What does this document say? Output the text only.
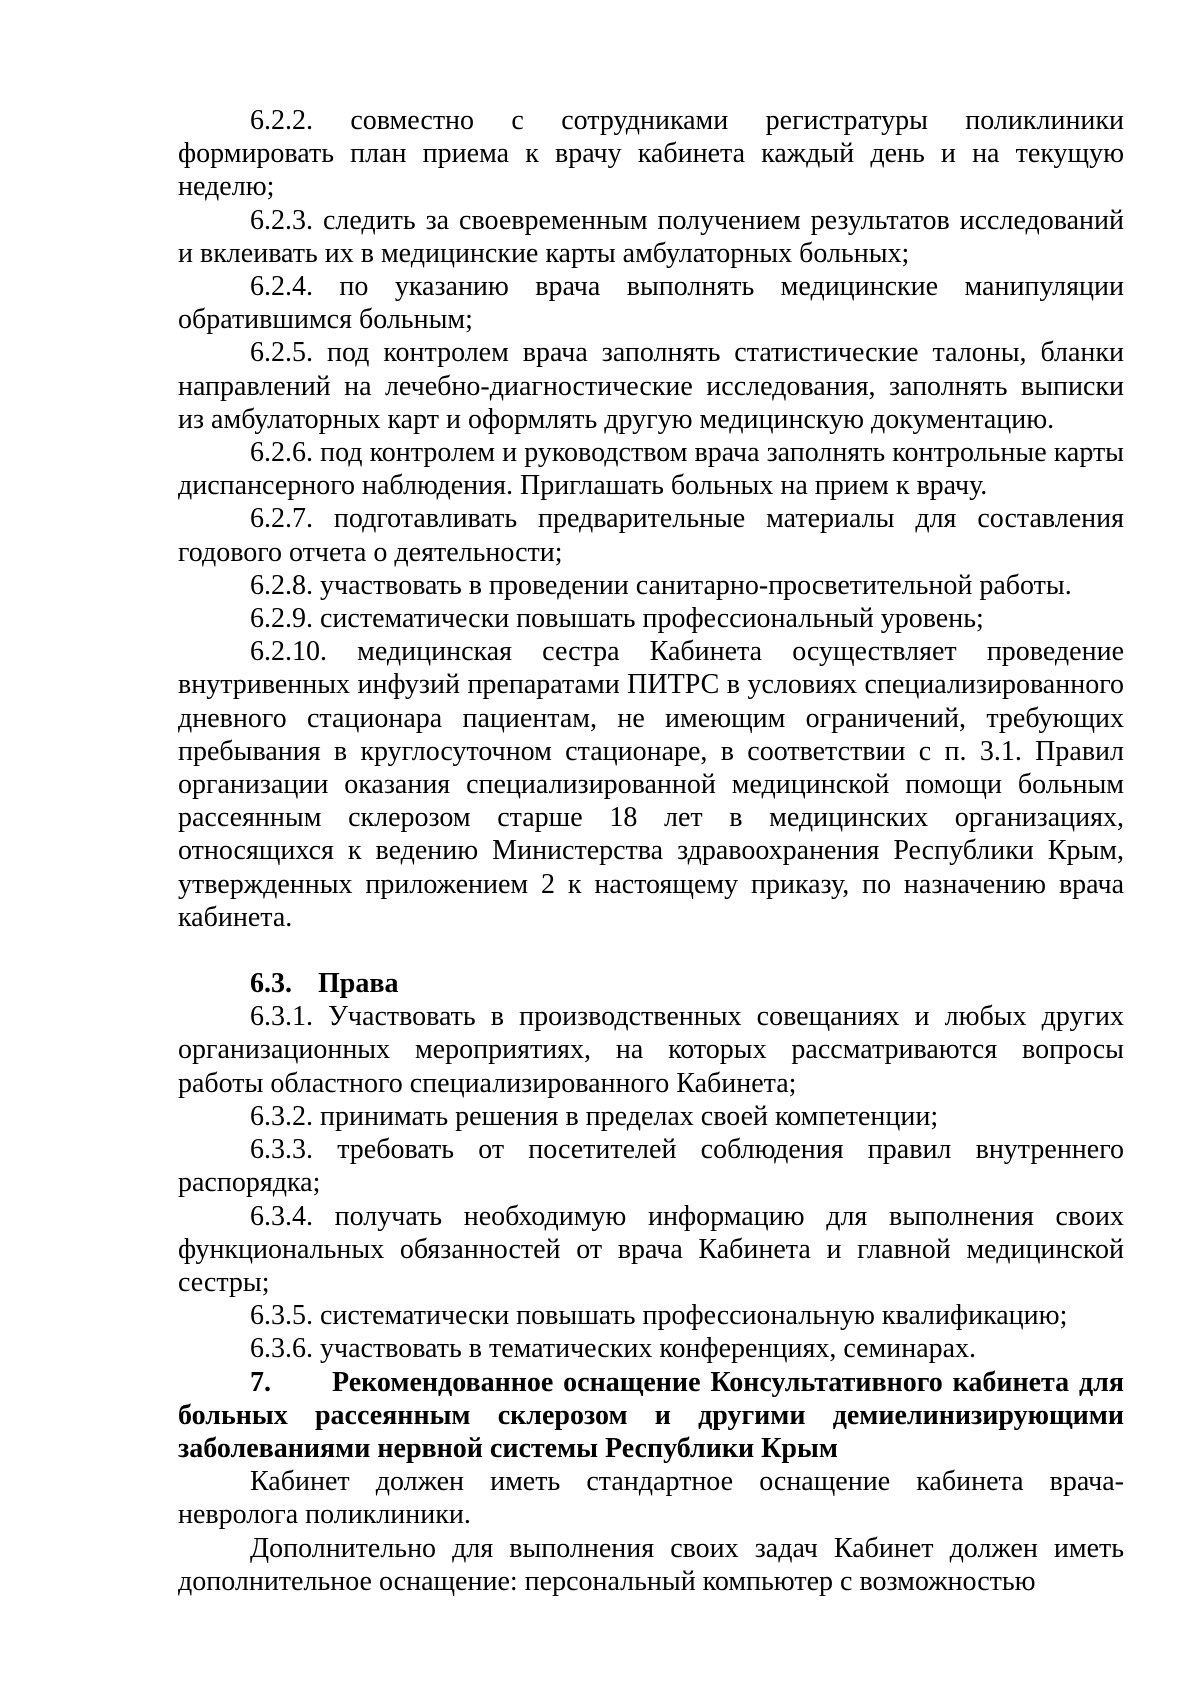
6.2.2. совместно с сотрудниками регистратуры поликлиники формировать план приема к врачу кабинета каждый день и на текущую неделю;

6.2.3. следить за своевременным получением результатов исследований и вклеивать их в медицинские карты амбулаторных больных;

6.2.4. по указанию врача выполнять медицинские манипуляции обратившимся больным;

6.2.5. под контролем врача заполнять статистические талоны, бланки направлений на лечебно-диагностические исследования, заполнять выписки из амбулаторных карт и оформлять другую медицинскую документацию.

6.2.6. под контролем и руководством врача заполнять контрольные карты диспансерного наблюдения. Приглашать больных на прием к врачу.

6.2.7. подготавливать предварительные материалы для составления годового отчета о деятельности;

6.2.8. участвовать в проведении санитарно-просветительной работы.

6.2.9. систематически повышать профессиональный уровень;

6.2.10. медицинская сестра Кабинета осуществляет проведение внутривенных инфузий препаратами ПИТРС в условиях специализированного дневного стационара пациентам, не имеющим ограничений, требующих пребывания в круглосуточном стационаре, в соответствии с п. 3.1. Правил организации оказания специализированной медицинской помощи больным рассеянным склерозом старше 18 лет в медицинских организациях, относящихся к ведению Министерства здравоохранения Республики Крым, утвержденных приложением 2 к настоящему приказу, по назначению врача кабинета.

6.3. Права

6.3.1. Участвовать в производственных совещаниях и любых других организационных мероприятиях, на которых рассматриваются вопросы работы областного специализированного Кабинета;

6.3.2. принимать решения в пределах своей компетенции;

6.3.3. требовать от посетителей соблюдения правил внутреннего распорядка;

6.3.4. получать необходимую информацию для выполнения своих функциональных обязанностей от врача Кабинета и главной медицинской сестры;

6.3.5. систематически повышать профессиональную квалификацию;

6.3.6. участвовать в тематических конференциях, семинарах.

7. Рекомендованное оснащение Консультативного кабинета для больных рассеянным склерозом и другими демиелинизирующими заболеваниями нервной системы Республики Крым

Кабинет должен иметь стандартное оснащение кабинета врача-невролога поликлиники.

Дополнительно для выполнения своих задач Кабинет должен иметь дополнительное оснащение: персональный компьютер с возможностью
